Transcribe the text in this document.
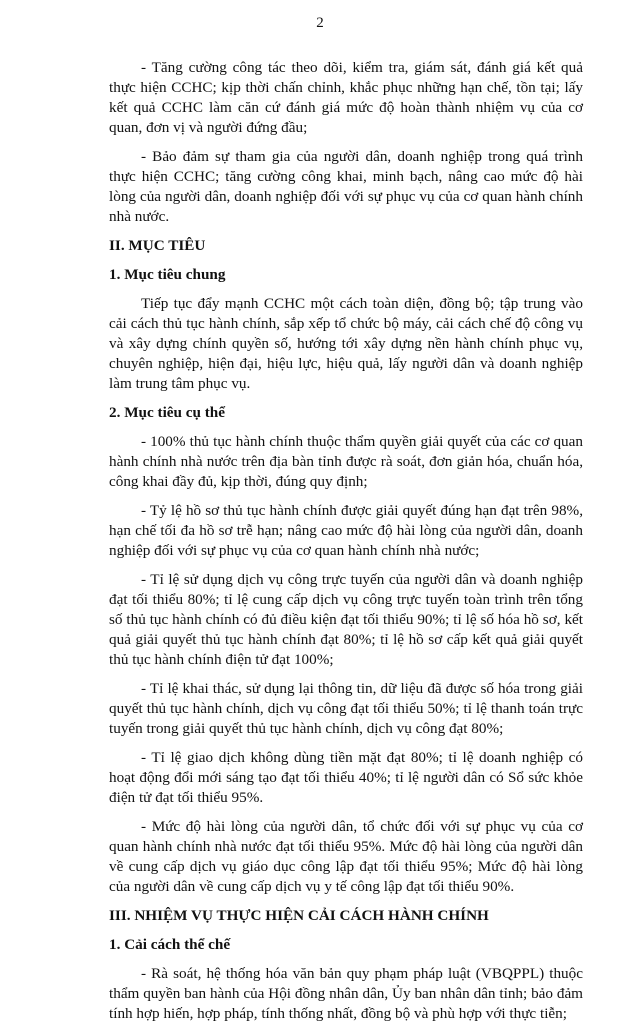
2

- Tăng cường công tác theo dõi, kiểm tra, giám sát, đánh giá kết quả thực hiện CCHC; kịp thời chấn chỉnh, khắc phục những hạn chế, tồn tại; lấy kết quả CCHC làm căn cứ đánh giá mức độ hoàn thành nhiệm vụ của cơ quan, đơn vị và người đứng đầu;

- Bảo đảm sự tham gia của người dân, doanh nghiệp trong quá trình thực hiện CCHC; tăng cường công khai, minh bạch, nâng cao mức độ hài lòng của người dân, doanh nghiệp đối với sự phục vụ của cơ quan hành chính nhà nước.

II. MỤC TIÊU
1. Mục tiêu chung

Tiếp tục đẩy mạnh CCHC một cách toàn diện, đồng bộ; tập trung vào cải cách thủ tục hành chính, sắp xếp tổ chức bộ máy, cải cách chế độ công vụ và xây dựng chính quyền số, hướng tới xây dựng nền hành chính phục vụ, chuyên nghiệp, hiện đại, hiệu lực, hiệu quả, lấy người dân và doanh nghiệp làm trung tâm phục vụ.

2. Mục tiêu cụ thể

- 100% thủ tục hành chính thuộc thẩm quyền giải quyết của các cơ quan hành chính nhà nước trên địa bàn tỉnh được rà soát, đơn giản hóa, chuẩn hóa, công khai đầy đủ, kịp thời, đúng quy định;

- Tỷ lệ hồ sơ thủ tục hành chính được giải quyết đúng hạn đạt trên 98%, hạn chế tối đa hồ sơ trễ hạn; nâng cao mức độ hài lòng của người dân, doanh nghiệp đối với sự phục vụ của cơ quan hành chính nhà nước;

- Tỉ lệ sử dụng dịch vụ công trực tuyến của người dân và doanh nghiệp đạt tối thiểu 80%; tỉ lệ cung cấp dịch vụ công trực tuyến toàn trình trên tổng số thủ tục hành chính có đủ điều kiện đạt tối thiểu 90%; tỉ lệ số hóa hồ sơ, kết quả giải quyết thủ tục hành chính đạt 80%; tỉ lệ hồ sơ cấp kết quả giải quyết thủ tục hành chính điện tử đạt 100%;

- Tỉ lệ khai thác, sử dụng lại thông tin, dữ liệu đã được số hóa trong giải quyết thủ tục hành chính, dịch vụ công đạt tối thiểu 50%; tỉ lệ thanh toán trực tuyến trong giải quyết thủ tục hành chính, dịch vụ công đạt 80%;

- Tỉ lệ giao dịch không dùng tiền mặt đạt 80%; tỉ lệ doanh nghiệp có hoạt động đổi mới sáng tạo đạt tối thiểu 40%; tỉ lệ người dân có Sổ sức khỏe điện tử đạt tối thiểu 95%.

- Mức độ hài lòng của người dân, tổ chức đối với sự phục vụ của cơ quan hành chính nhà nước đạt tối thiểu 95%. Mức độ hài lòng của người dân về cung cấp dịch vụ giáo dục công lập đạt tối thiểu 95%; Mức độ hài lòng của người dân về cung cấp dịch vụ y tế công lập đạt tối thiểu 90%.

III. NHIỆM VỤ THỰC HIỆN CẢI CÁCH HÀNH CHÍNH
1. Cải cách thể chế

- Rà soát, hệ thống hóa văn bản quy phạm pháp luật (VBQPPL) thuộc thẩm quyền ban hành của Hội đồng nhân dân, Ủy ban nhân dân tỉnh; bảo đảm tính hợp hiến, hợp pháp, tính thống nhất, đồng bộ và phù hợp với thực tiễn;
